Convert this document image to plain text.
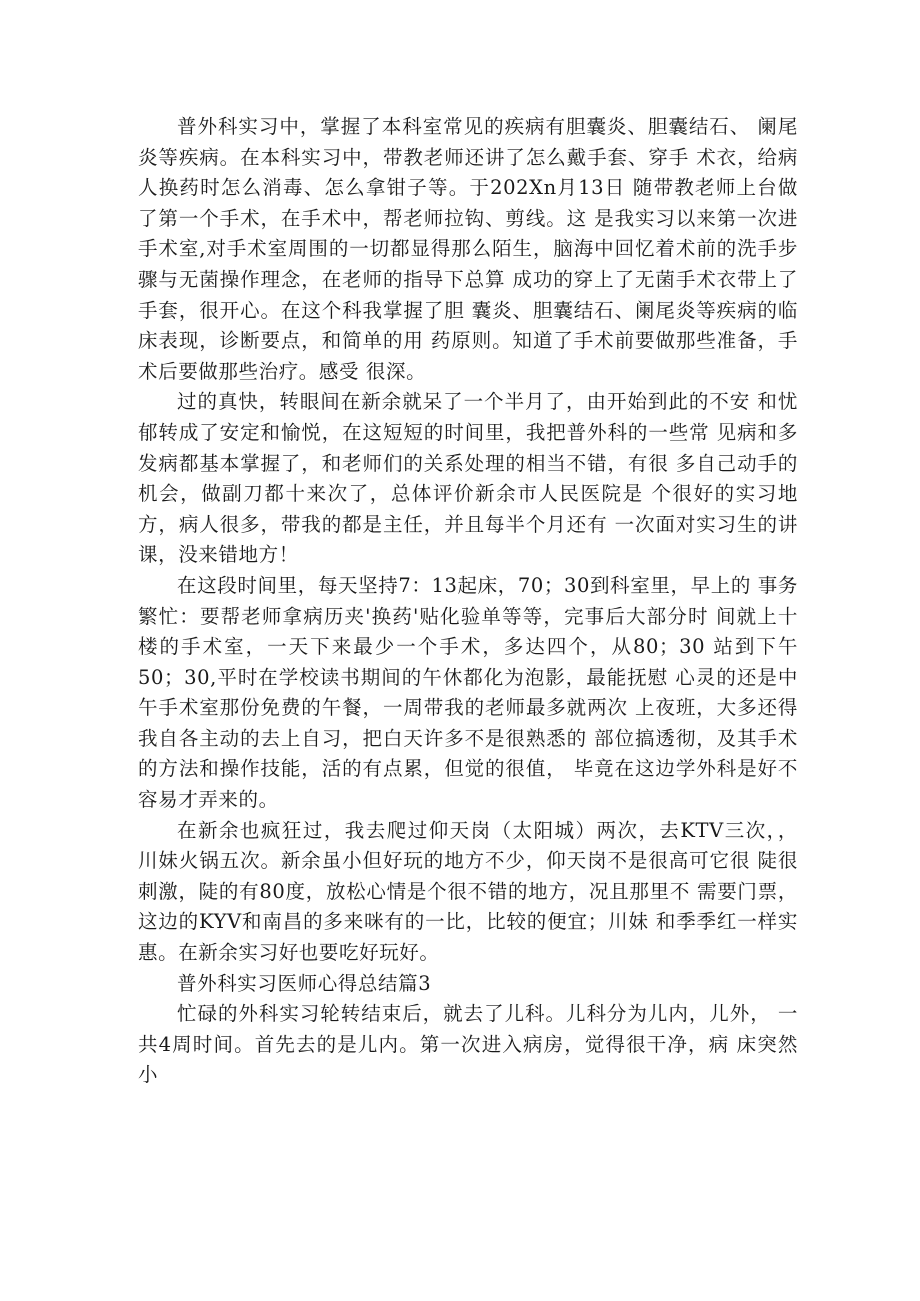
普外科实习中，掌握了本科室常见的疾病有胆囊炎、胆囊结石、 阑尾炎等疾病。在本科实习中，带教老师还讲了怎么戴手套、穿手 术衣，给病人换药时怎么消毒、怎么拿钳子等。于202Xn月13日 随带教老师上台做了第一个手术，在手术中，帮老师拉钩、剪线。这 是我实习以来第一次进手术室,对手术室周围的一切都显得那么陌生，脑海中回忆着术前的洗手步骤与无菌操作理念，在老师的指导下总算 成功的穿上了无菌手术衣带上了手套，很开心。在这个科我掌握了胆 囊炎、胆囊结石、阑尾炎等疾病的临床表现，诊断要点，和简单的用 药原则。知道了手术前要做那些准备，手术后要做那些治疗。感受 很深。

过的真快，转眼间在新余就呆了一个半月了，由开始到此的不安 和忧郁转成了安定和愉悦，在这短短的时间里，我把普外科的一些常 见病和多发病都基本掌握了，和老师们的关系处理的相当不错，有很 多自己动手的机会，做副刀都十来次了，总体评价新余市人民医院是 个很好的实习地方，病人很多，带我的都是主任，并且每半个月还有 一次面对实习生的讲课，没来错地方！

在这段时间里，每天坚持7：13起床，70；30到科室里，早上的 事务繁忙：要帮老师拿病历夹'换药'贴化验单等等，完事后大部分时 间就上十楼的手术室，一天下来最少一个手术，多达四个，从80；30 站到下午50；30,平时在学校读书期间的午休都化为泡影，最能抚慰 心灵的还是中午手术室那份免费的午餐，一周带我的老师最多就两次 上夜班，大多还得我自各主动的去上自习，把白天许多不是很熟悉的 部位搞透彻，及其手术的方法和操作技能，活的有点累，但觉的很值， 毕竟在这边学外科是好不容易才弄来的。

在新余也疯狂过，我去爬过仰天岗（太阳城）两次，去KTV三次，， 川妹火锅五次。新余虽小但好玩的地方不少，仰天岗不是很高可它很 陡很刺激，陡的有80度，放松心情是个很不错的地方，况且那里不 需要门票，这边的KYV和南昌的多来咪有的一比，比较的便宜；川妹 和季季红一样实惠。在新余实习好也要吃好玩好。

普外科实习医师心得总结篇3

忙碌的外科实习轮转结束后，就去了儿科。儿科分为儿内，儿外， 一共4周时间。首先去的是儿内。第一次进入病房，觉得很干净，病 床突然小
